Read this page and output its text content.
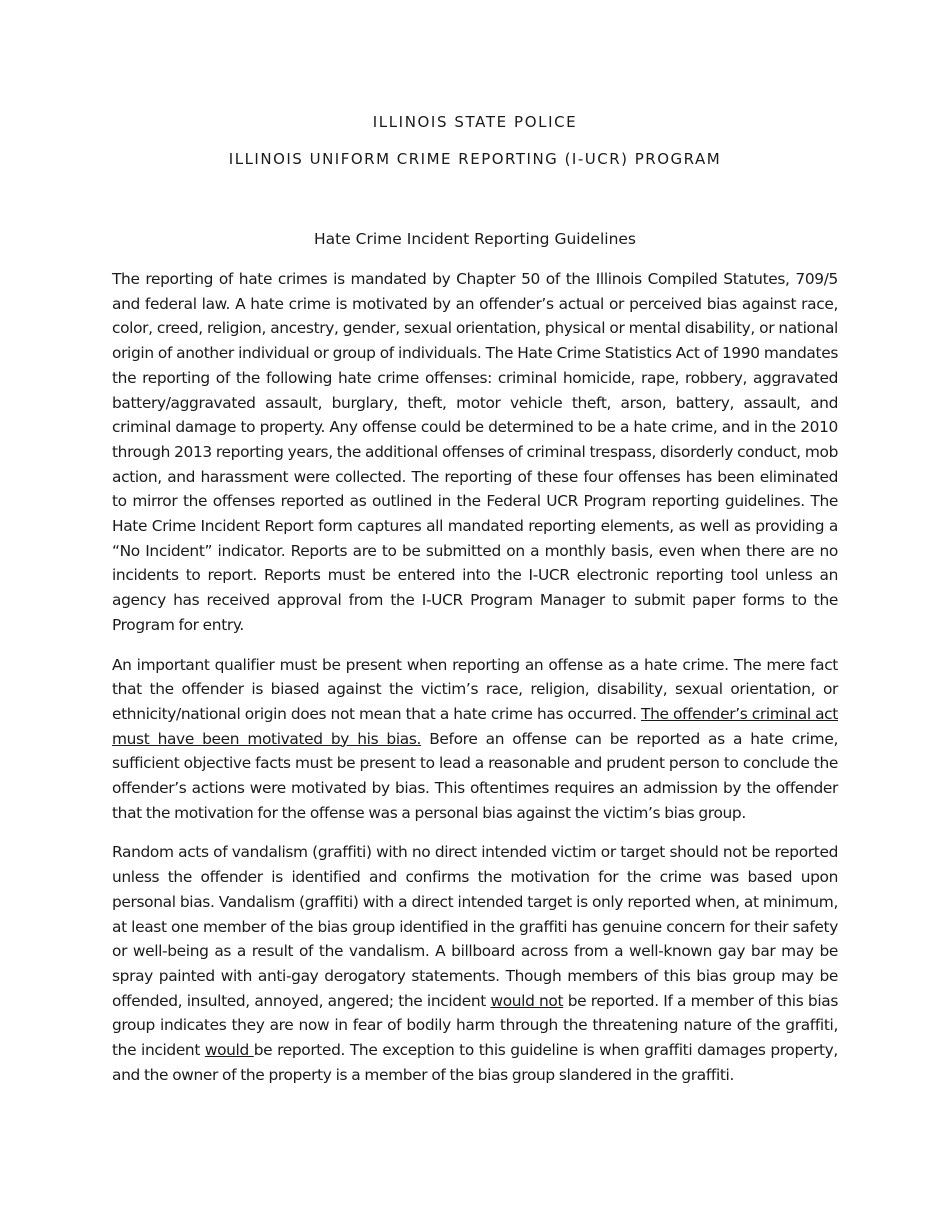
ILLINOIS STATE POLICE
ILLINOIS UNIFORM CRIME REPORTING (I-UCR) PROGRAM
Hate Crime Incident Reporting Guidelines

The reporting of hate crimes is mandated by Chapter 50 of the Illinois Compiled Statutes, 709/5 and federal law. A hate crime is motivated by an offender’s actual or perceived bias against race, color, creed, religion, ancestry, gender, sexual orientation, physical or mental disability, or national origin of another individual or group of individuals. The Hate Crime Statistics Act of 1990 mandates the reporting of the following hate crime offenses: criminal homicide, rape, robbery, aggravated battery/aggravated assault, burglary, theft, motor vehicle theft, arson, battery, assault, and criminal damage to property. Any offense could be determined to be a hate crime, and in the 2010 through 2013 reporting years, the additional offenses of criminal trespass, disorderly conduct, mob action, and harassment were collected. The reporting of these four offenses has been eliminated to mirror the offenses reported as outlined in the Federal UCR Program reporting guidelines. The Hate Crime Incident Report form captures all mandated reporting elements, as well as providing a “No Incident” indicator. Reports are to be submitted on a monthly basis, even when there are no incidents to report. Reports must be entered into the I-UCR electronic reporting tool unless an agency has received approval from the I-UCR Program Manager to submit paper forms to the Program for entry.

An important qualifier must be present when reporting an offense as a hate crime. The mere fact that the offender is biased against the victim’s race, religion, disability, sexual orientation, or ethnicity/national origin does not mean that a hate crime has occurred. The offender’s criminal act must have been motivated by his bias. Before an offense can be reported as a hate crime, sufficient objective facts must be present to lead a reasonable and prudent person to conclude the offender’s actions were motivated by bias. This oftentimes requires an admission by the offender that the motivation for the offense was a personal bias against the victim’s bias group.

Random acts of vandalism (graffiti) with no direct intended victim or target should not be reported unless the offender is identified and confirms the motivation for the crime was based upon personal bias. Vandalism (graffiti) with a direct intended target is only reported when, at minimum, at least one member of the bias group identified in the graffiti has genuine concern for their safety or well-being as a result of the vandalism. A billboard across from a well-known gay bar may be spray painted with anti-gay derogatory statements. Though members of this bias group may be offended, insulted, annoyed, angered; the incident would not be reported. If a member of this bias group indicates they are now in fear of bodily harm through the threatening nature of the graffiti, the incident would be reported. The exception to this guideline is when graffiti damages property, and the owner of the property is a member of the bias group slandered in the graffiti.
